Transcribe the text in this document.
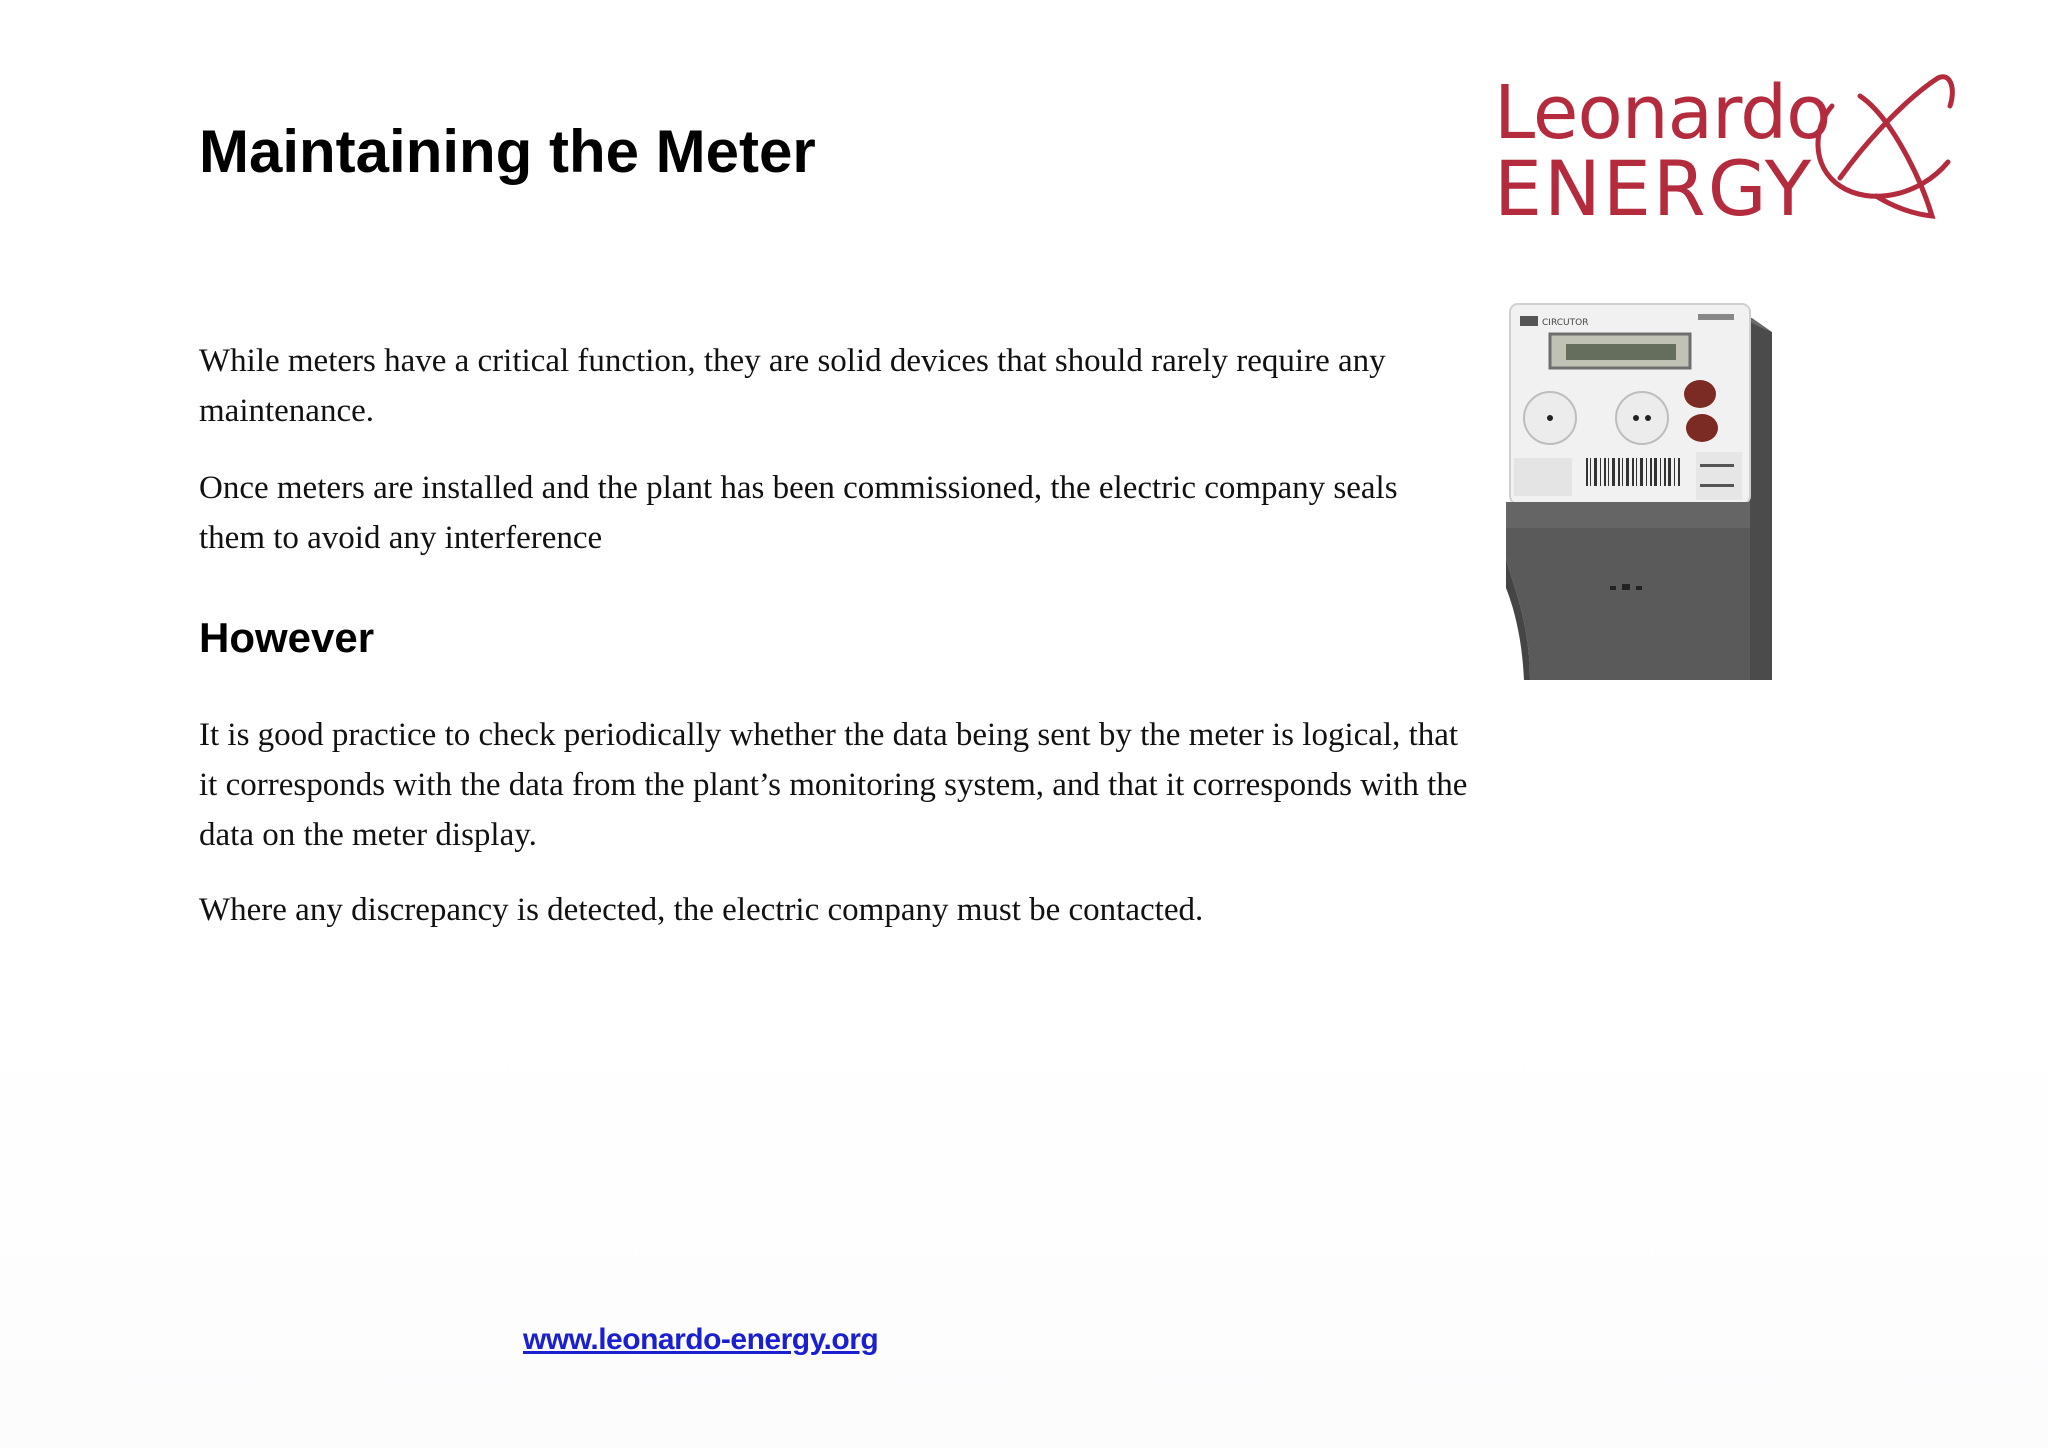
Maintaining the Meter	Leonardo
ENERGY

While meters have a critical function, they are solid devices that should rarely require any maintenance.

Once meters are installed and the plant has been commissioned, the electric company seals them to avoid any interference

However

It is good practice to check periodically whether the data being sent by the meter is logical, that it corresponds with the data from the plant’s monitoring system, and that it corresponds with the data on the meter display.

Where any discrepancy is detected, the electric company must be contacted.

CIRCUTOR
www.leonardo-energy.org
